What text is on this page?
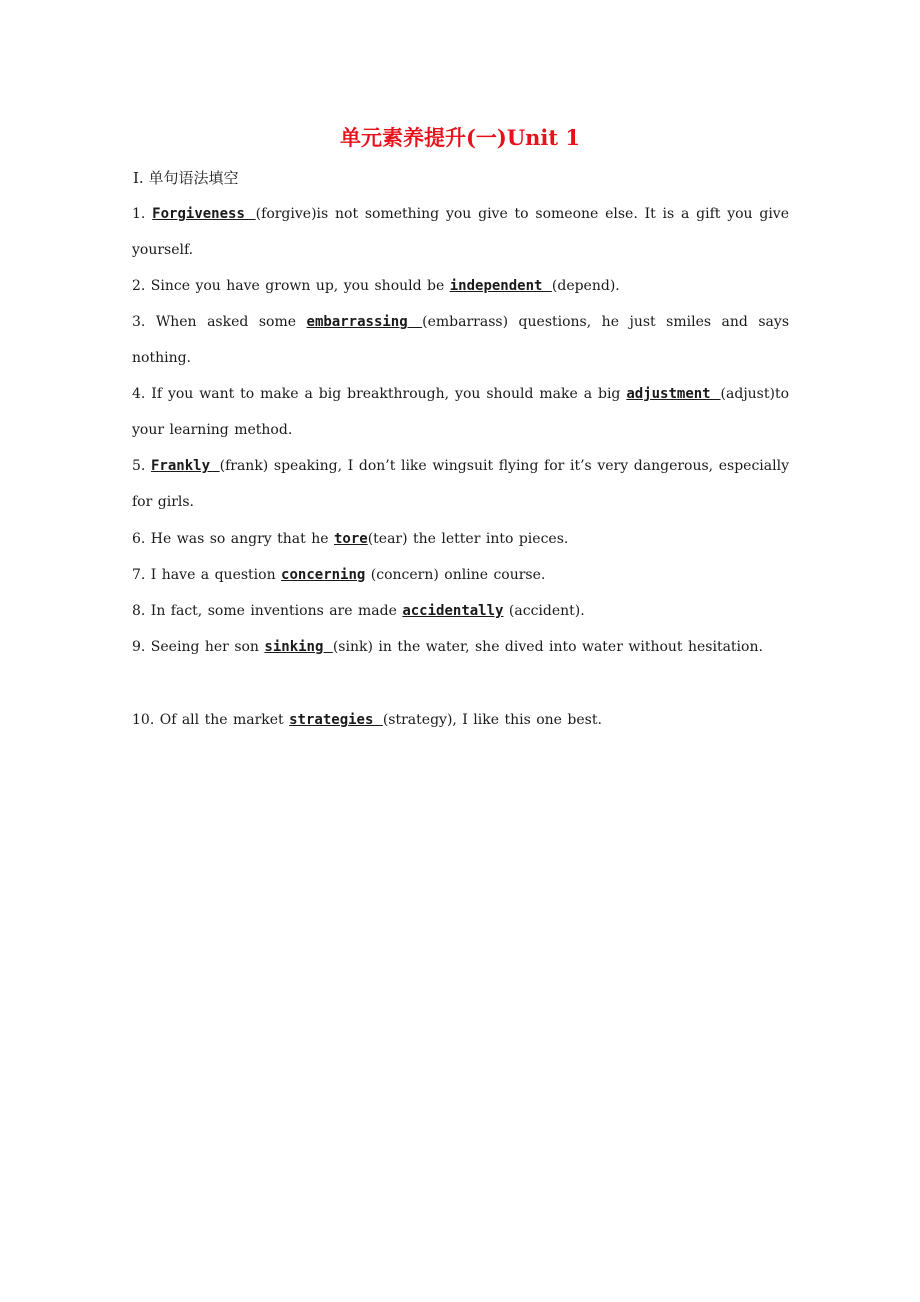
单元素养提升(一)Unit 1
Ⅰ. 单句语法填空
1. Forgiveness (forgive)is not something you give to someone else. It is a gift you give yourself.
2. Since you have grown up, you should be independent (depend).
3. When asked some embarrassing (embarrass) questions, he just smiles and says nothing.
4. If you want to make a big breakthrough, you should make a big adjustment (adjust)to your learning method.
5. Frankly (frank) speaking, I don’t like wingsuit flying for it’s very dangerous, especially for girls.
6. He was so angry that he tore(tear) the letter into pieces.
7. I have a question concerning (concern) online course.
8. In fact, some inventions are made accidentally (accident).
9. Seeing her son sinking (sink) in the water, she dived into water without hesitation.
10. Of all the market strategies (strategy), I like this one best.
